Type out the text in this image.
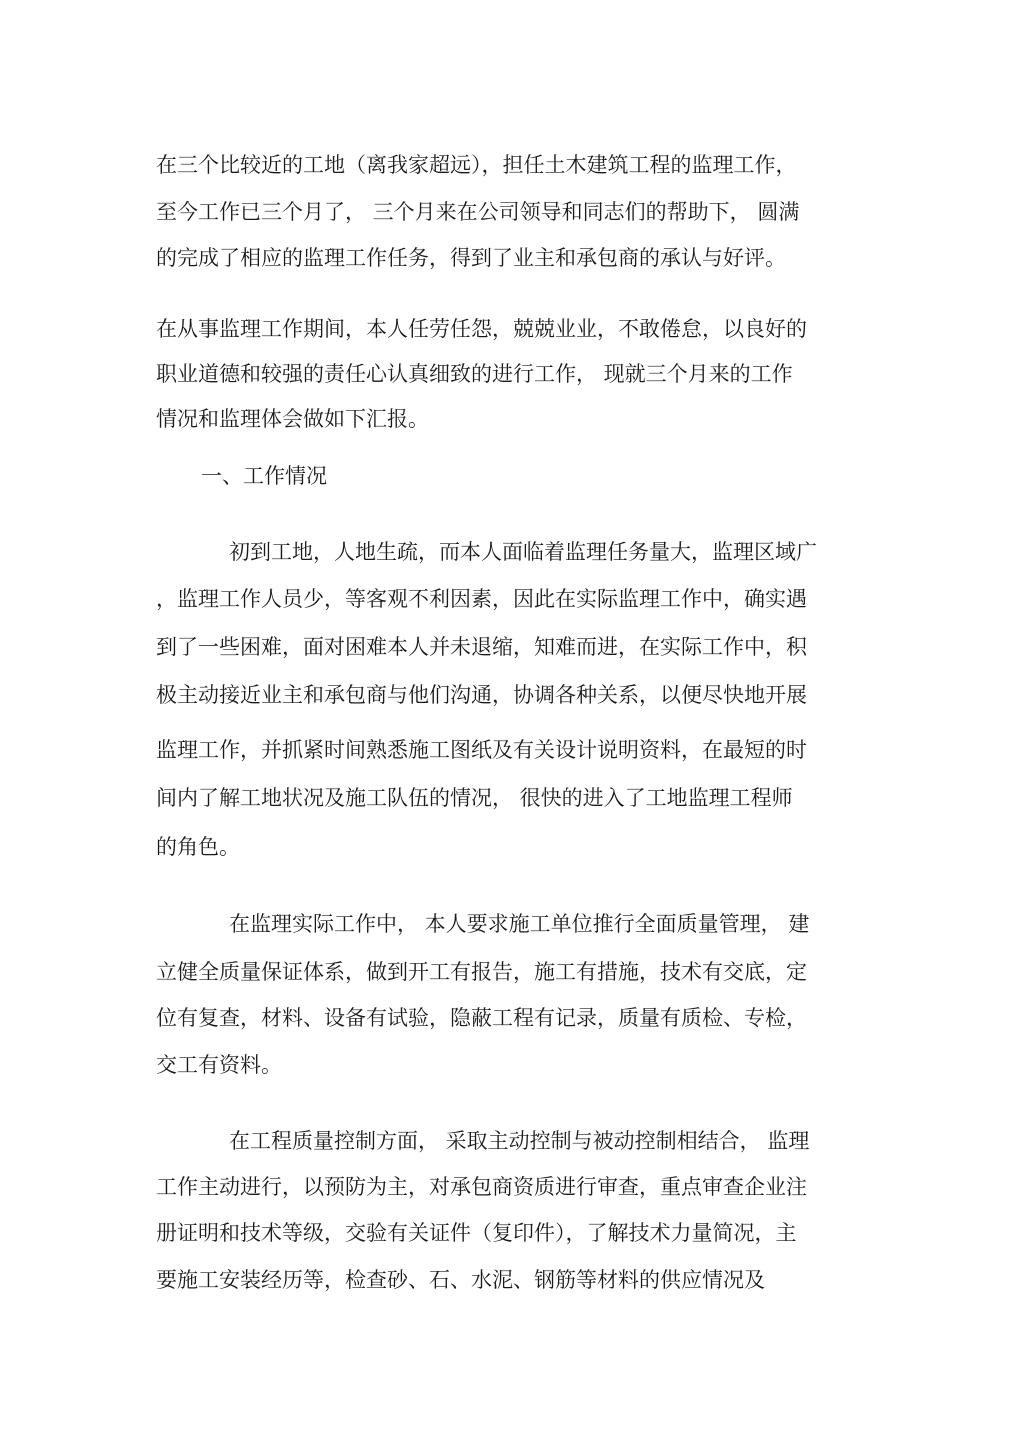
在三个比较近的工地（离我家超远），担任土木建筑工程的监理工作，
至今工作已三个月了， 三个月来在公司领导和同志们的帮助下， 圆满
的完成了相应的监理工作任务，得到了业主和承包商的承认与好评。
在从事监理工作期间，本人任劳任怨，兢兢业业，不敢倦怠，以良好的
职业道德和较强的责任心认真细致的进行工作， 现就三个月来的工作
情况和监理体会做如下汇报。
一、工作情况
初到工地，人地生疏，而本人面临着监理任务量大，监理区域广
，监理工作人员少，等客观不利因素，因此在实际监理工作中，确实遇
到了一些困难，面对困难本人并未退缩，知难而进，在实际工作中，积
极主动接近业主和承包商与他们沟通，协调各种关系，以便尽快地开展
监理工作，并抓紧时间熟悉施工图纸及有关设计说明资料，在最短的时
间内了解工地状况及施工队伍的情况， 很快的进入了工地监理工程师
的角色。
在监理实际工作中， 本人要求施工单位推行全面质量管理， 建
立健全质量保证体系，做到开工有报告，施工有措施，技术有交底，定
位有复查，材料、设备有试验，隐蔽工程有记录，质量有质检、专检，
交工有资料。
在工程质量控制方面， 采取主动控制与被动控制相结合， 监理
工作主动进行，以预防为主，对承包商资质进行审查，重点审查企业注
册证明和技术等级，交验有关证件（复印件），了解技术力量简况，主
要施工安装经历等，检查砂、石、水泥、钢筋等材料的供应情况及
